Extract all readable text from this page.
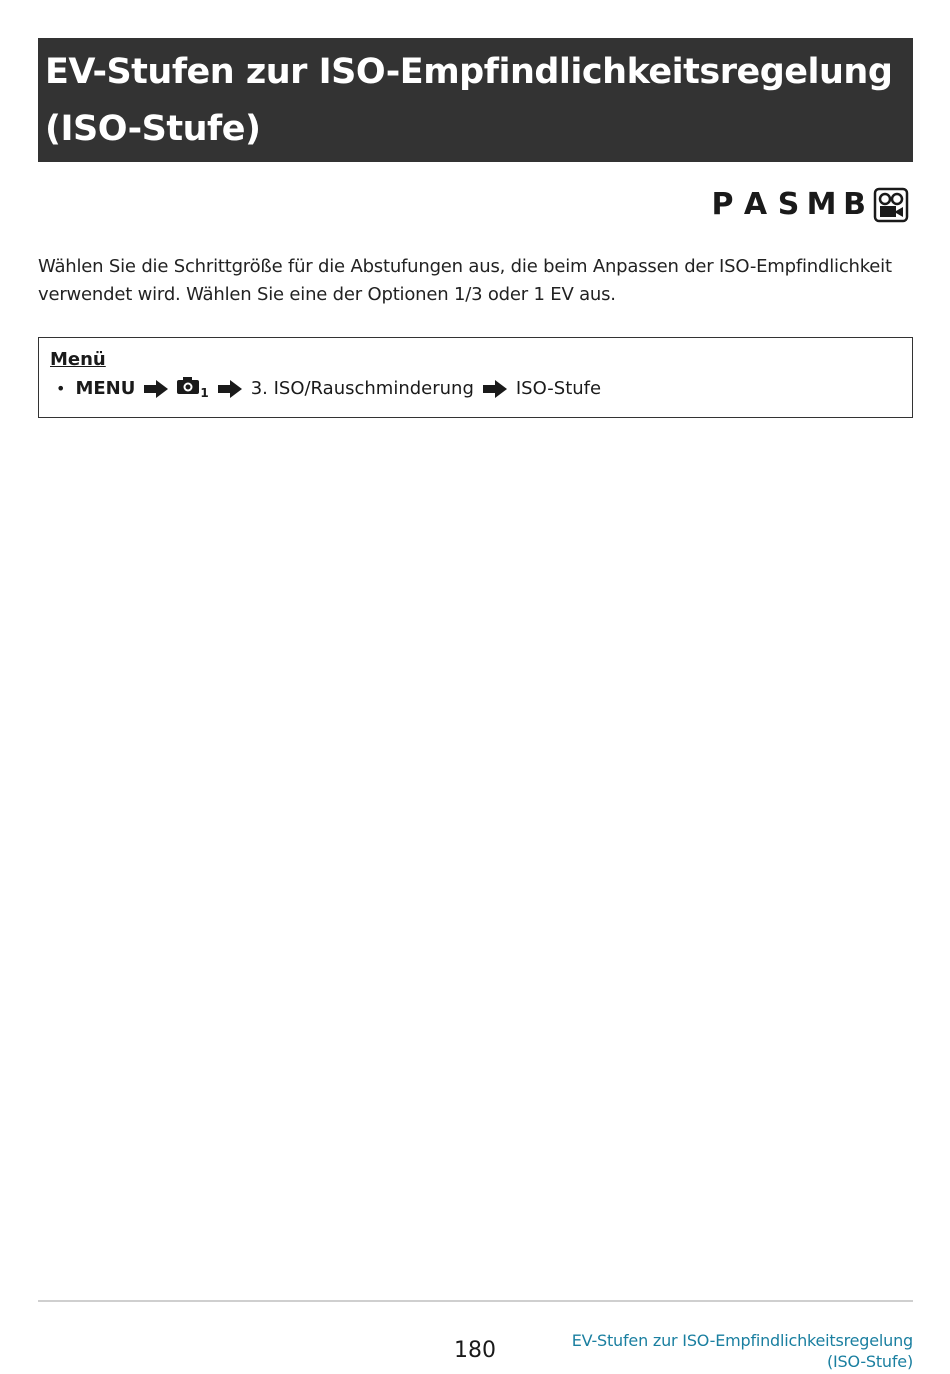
EV-Stufen zur ISO-Empfindlichkeitsregelung
(ISO-Stufe)
P A S M B

Wählen Sie die Schrittgröße für die Abstufungen aus, die beim Anpassen der ISO-Empfindlichkeit

verwendet wird. Wählen Sie eine der Optionen 1/3 oder 1 EV aus.

Menü
• MENU	$_1$ 3. ISO/Rauschminderung ISO-Stufe
180	EV-Stufen zur ISO-Empfindlichkeitsregelung
(ISO-Stufe)
